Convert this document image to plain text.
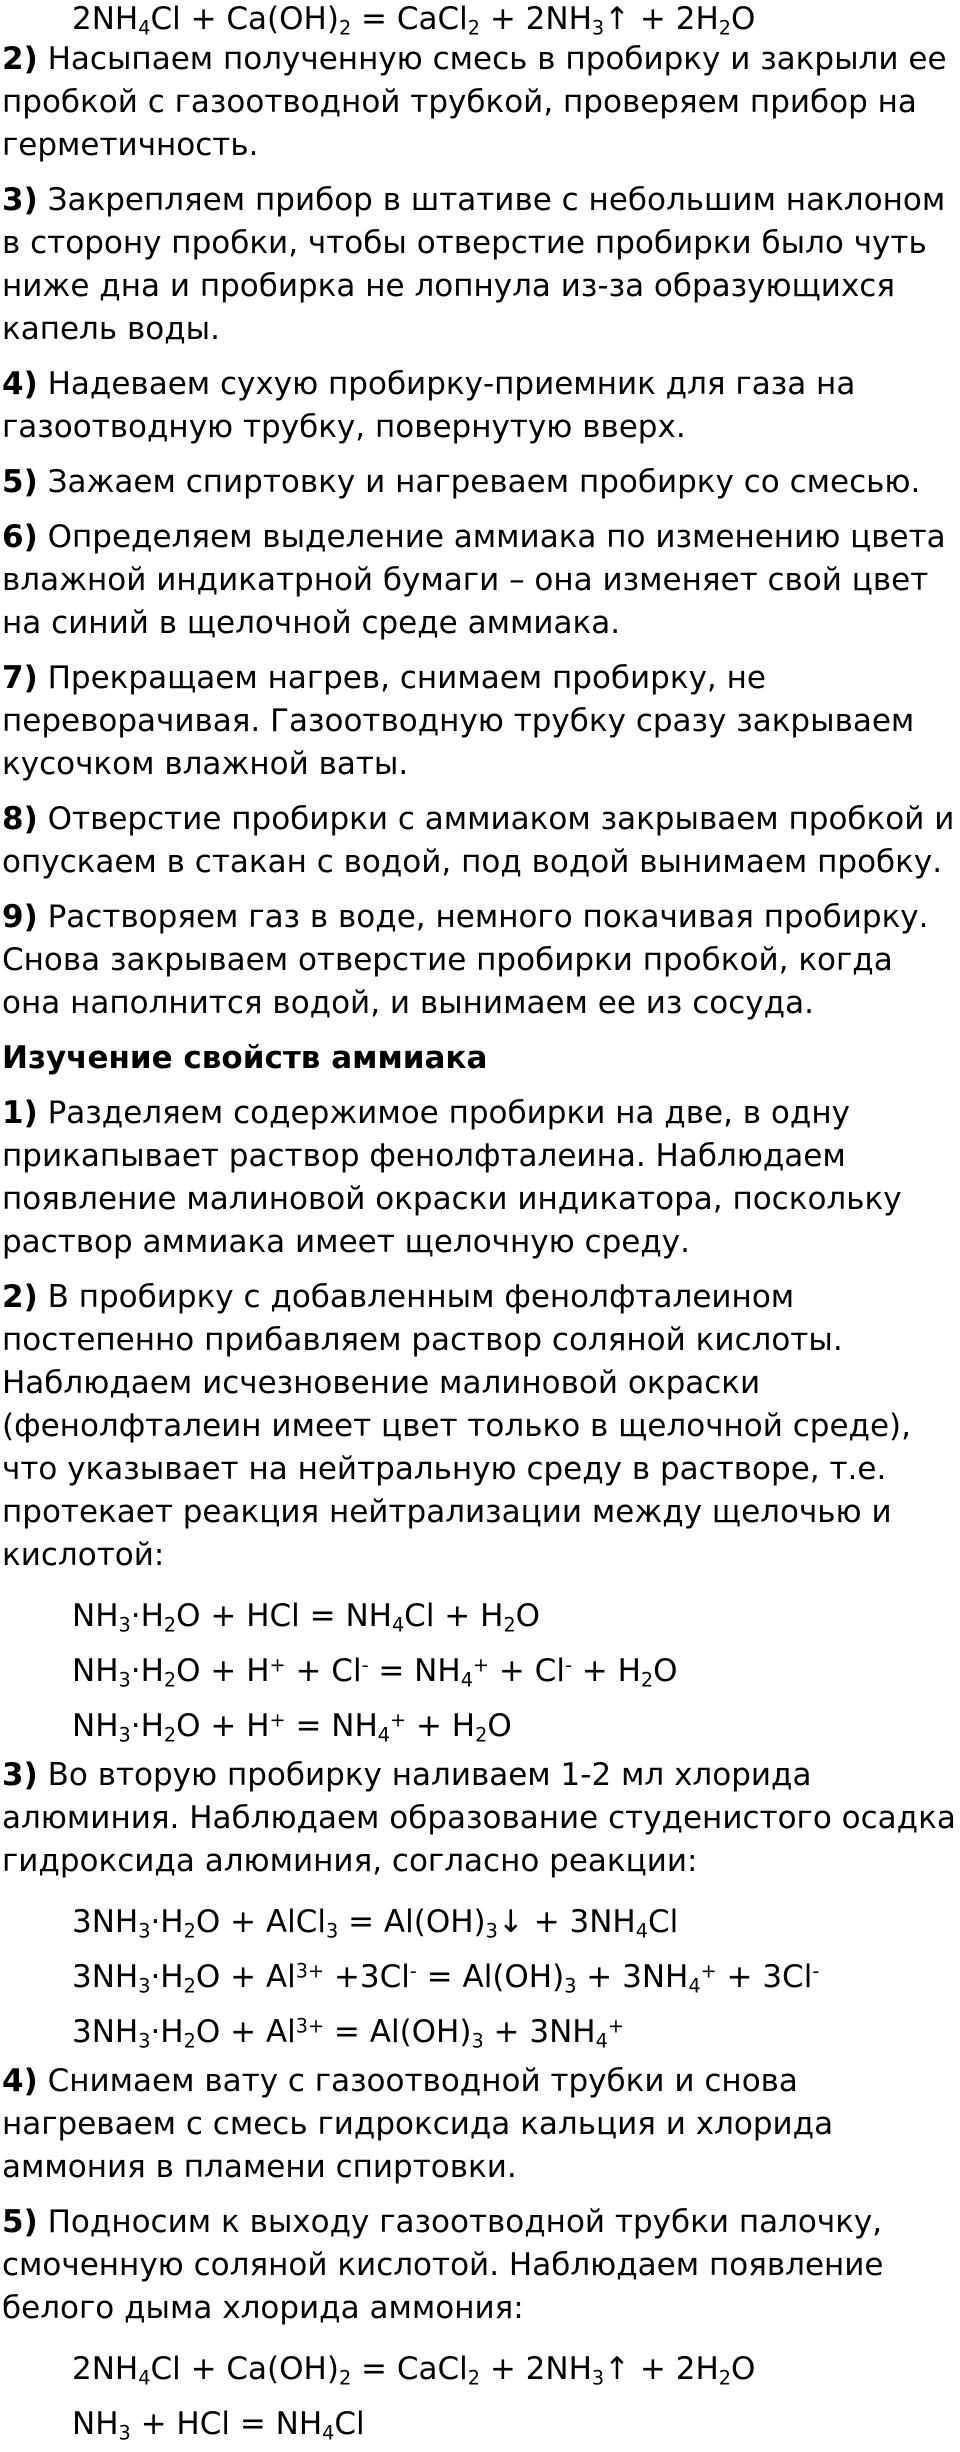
$2NH_4Cl + Ca(OH)_2$ = CaCl$_2$ + $2NH_3↑ + 2H_2O$
2) Насыпаем полученную смесь в пробирку и закрыли ее пробкой с газоотводной трубкой, проверяем прибор на герметичность.
3) Закрепляем прибор в штативе с небольшим наклоном в сторону пробки, чтобы отверстие пробирки было чуть ниже дна и пробирка не лопнула из-за образующихся капель воды.
4) Надеваем сухую пробирку-приемник для газа на газоотводную трубку, повернутую вверх.
5) Зажаем спиртовку и нагреваем пробирку со смесью.
6) Определяем выделение аммиака по изменению цвета влажной индикатрной бумаги – она изменяет свой цвет на синий в щелочной среде аммиака.
7) Прекращаем нагрев, снимаем пробирку, не переворачивая. Газоотводную трубку сразу закрываем кусочком влажной ваты.
8) Отверстие пробирки с аммиаком закрываем пробкой и опускаем в стакан с водой, под водой вынимаем пробку.
9) Растворяем газ в воде, немного покачивая пробирку. Снова закрываем отверстие пробирки пробкой, когда она наполнится водой, и вынимаем ее из сосуда.
Изучение свойств аммиака
1) Разделяем содержимое пробирки на две, в одну прикапывает раствор фенолфталеина. Наблюдаем появление малиновой окраски индикатора, поскольку раствор аммиака имеет щелочную среду.
2) В пробирку с добавленным фенолфталеином постепенно прибавляем раствор соляной кислоты. Наблюдаем исчезновение малиновой окраски (фенолфталеин имеет цвет только в щелочной среде), что указывает на нейтральную среду в растворе, т.е. протекает реакция нейтрализации между щелочью и кислотой:
$NH_3\cdot H_2O$ + HCl = $NH_4Cl + H_2O$
$NH_3\cdot H_2O + H^+ + Cl^- = NH_4^+ + Cl^- + H_2O$
$NH_3\cdot H_2O + H^+ = NH_4^+ + H_2O$
3) Во вторую пробирку наливаем 1-2 мл хлорида алюминия. Наблюдаем образование студенистого осадка гидроксида алюминия, согласно реакции:
$3NH_3\cdot H_2O$ + AlCl$_3$ = $Al(OH)_3↓ + 3NH_4Cl$
$3NH_3\cdot H_2O + Al^{3+} +3Cl^- = Al(OH)_3 + 3NH_4^+ + 3Cl^-$
$3NH_3\cdot H_2O + Al^{3+} = Al(OH)_3 + 3NH_4^+$
4) Снимаем вату с газоотводной трубки и снова нагреваем с смесь гидроксида кальция и хлорида аммония в пламени спиртовки.
5) Подносим к выходу газоотводной трубки палочку, смоченную соляной кислотой. Наблюдаем появление белого дыма хлорида аммония:
$2NH_4Cl + Ca(OH)_2$ = CaCl$_2$ + $2NH_3↑ + 2H_2O$
$NH_3$ + HCl = $NH_4Cl$
